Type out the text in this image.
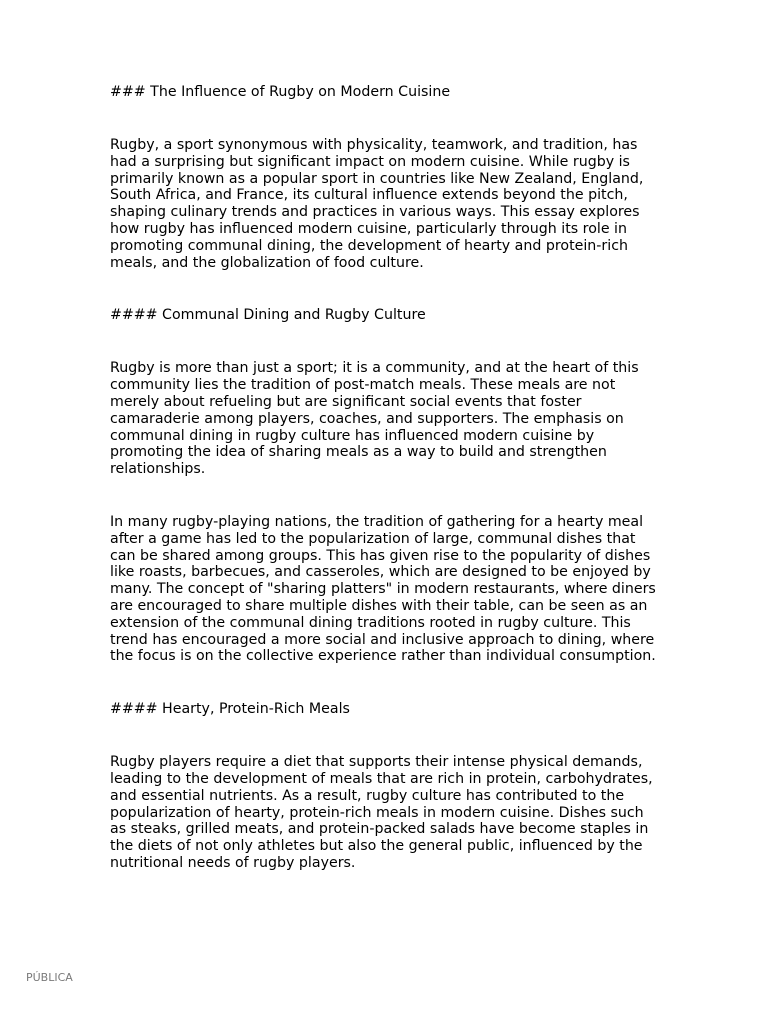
### The Influence of Rugby on Modern Cuisine

Rugby, a sport synonymous with physicality, teamwork, and tradition, has had a surprising but significant impact on modern cuisine. While rugby is primarily known as a popular sport in countries like New Zealand, England, South Africa, and France, its cultural influence extends beyond the pitch, shaping culinary trends and practices in various ways. This essay explores how rugby has influenced modern cuisine, particularly through its role in promoting communal dining, the development of hearty and protein-rich meals, and the globalization of food culture.

#### Communal Dining and Rugby Culture

Rugby is more than just a sport; it is a community, and at the heart of this community lies the tradition of post-match meals. These meals are not merely about refueling but are significant social events that foster camaraderie among players, coaches, and supporters. The emphasis on communal dining in rugby culture has influenced modern cuisine by promoting the idea of sharing meals as a way to build and strengthen relationships.

In many rugby-playing nations, the tradition of gathering for a hearty meal after a game has led to the popularization of large, communal dishes that can be shared among groups. This has given rise to the popularity of dishes like roasts, barbecues, and casseroles, which are designed to be enjoyed by many. The concept of "sharing platters" in modern restaurants, where diners are encouraged to share multiple dishes with their table, can be seen as an extension of the communal dining traditions rooted in rugby culture. This trend has encouraged a more social and inclusive approach to dining, where the focus is on the collective experience rather than individual consumption.

#### Hearty, Protein-Rich Meals

Rugby players require a diet that supports their intense physical demands, leading to the development of meals that are rich in protein, carbohydrates, and essential nutrients. As a result, rugby culture has contributed to the popularization of hearty, protein-rich meals in modern cuisine. Dishes such as steaks, grilled meats, and protein-packed salads have become staples in the diets of not only athletes but also the general public, influenced by the nutritional needs of rugby players.

PÚBLICA
